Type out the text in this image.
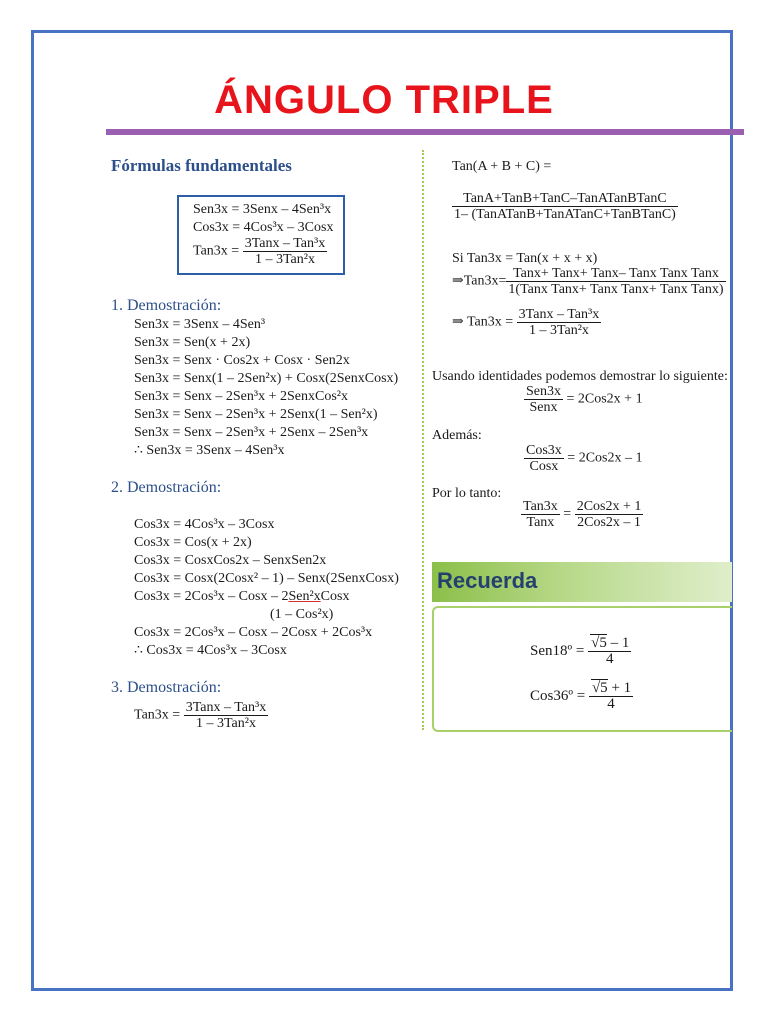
ÁNGULO TRIPLE
Fórmulas fundamentales
Sen3x = 3Senx – 4Sen³x
Cos3x = 4Cos³x – 3Cosx
$Tan3x = \frac{\text{3Tanx – Tan³x}}{\text{1 – 3Tan²x}}$
1. Demostración:
Sen3x = 3Senx – 4Sen³
Sen3x = Sen(x + 2x)
Sen3x = Senx · Cos2x + Cosx · Sen2x
Sen3x = Senx(1 – 2Sen²x) + Cosx(2SenxCosx)
Sen3x = Senx – 2Sen³x + 2SenxCos²x
Sen3x = Senx – 2Sen³x + 2Senx(1 – Sen²x)
Sen3x = Senx – 2Sen³x + 2Senx – 2Sen³x
∴ Sen3x = 3Senx – 4Sen³x
2. Demostración:
Cos3x = 4Cos³x – 3Cosx
Cos3x = Cos(x + 2x)
Cos3x = CosxCos2x – SenxSen2x
Cos3x = Cosx(2Cosx² – 1) – Senx(2SenxCosx)
Cos3x = 2Cos³x – Cosx – 2Sen²xCosx
(1 – Cos²x)
Cos3x = 2Cos³x – Cosx – 2Cosx + 2Cos³x
∴ Cos3x = 4Cos³x – 3Cosx
3. Demostración:
$Tan3x = \frac{\text{3Tanx – Tan³x}}{\text{1 – 3Tan²x}}$
Tan(A + B + C) =
$\frac{\text{TanA+TanB+TanC–TanATanBTanC}}{\text{1– (TanATanB+TanATanC+TanBTanC)}}$
Si Tan3x = Tan(x + x + x)
⇒Tan3x= $\frac{\text{Tanx+ Tanx+ Tanx– Tanx Tanx Tanx}}{\text{1(Tanx Tanx+ Tanx Tanx+ Tanx Tanx)}}$
⇒ $Tan3x = \frac{\text{3Tanx – Tan³x}}{\text{1 – 3Tan²x}}$
Usando identidades podemos demostrar lo siguiente:
$\frac{\text{Sen3x}}{\text{Senx}} = 2Cos2x + 1$
Además:
$\frac{\text{Cos3x}}{\text{Cosx}} = 2Cos2x - 1$
Por lo tanto:
$\frac{\text{Tan3x}}{\text{Tanx}} = \frac{\text{2Cos2x + 1}}{\text{2Cos2x – 1}}$
Recuerda
Sen18º = $\frac{√5 - 1}{4}$
Cos36º = $\frac{√5 + 1}{4}$
